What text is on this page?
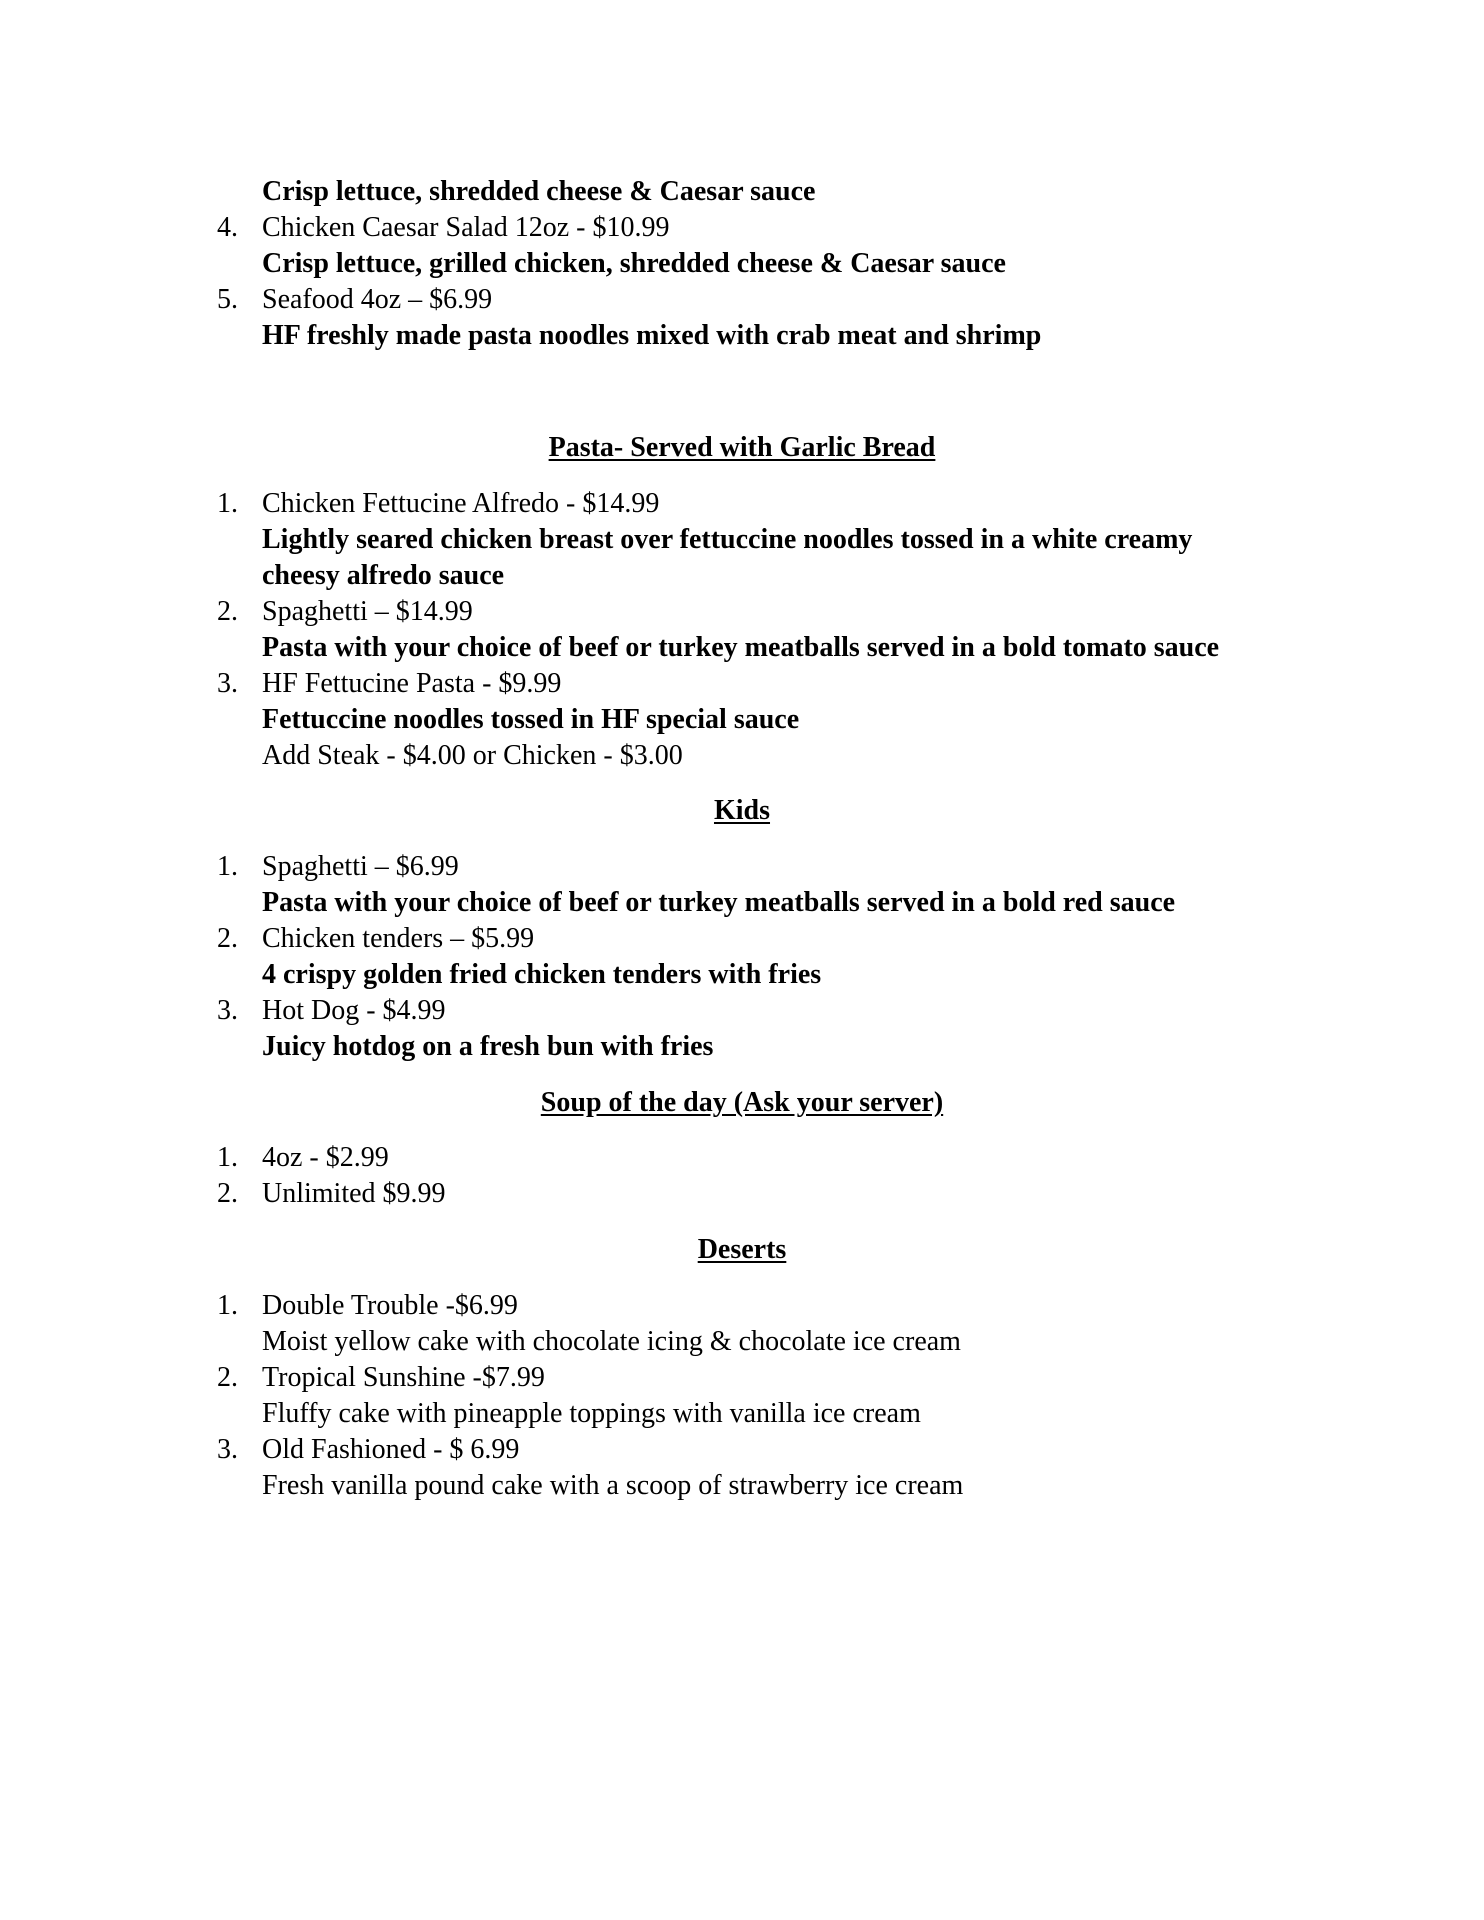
Crisp lettuce, shredded cheese & Caesar sauce
4. Chicken Caesar Salad 12oz - $10.99
Crisp lettuce, grilled chicken, shredded cheese & Caesar sauce
5. Seafood 4oz – $6.99
HF freshly made pasta noodles mixed with crab meat and shrimp
Pasta- Served with Garlic Bread
1. Chicken Fettucine Alfredo - $14.99
Lightly seared chicken breast over fettuccine noodles tossed in a white creamy
cheesy alfredo sauce
2. Spaghetti – $14.99
Pasta with your choice of beef or turkey meatballs served in a bold tomato sauce
3. HF Fettucine Pasta - $9.99
Fettuccine noodles tossed in HF special sauce
Add Steak - $4.00 or Chicken - $3.00
Kids
1. Spaghetti – $6.99
Pasta with your choice of beef or turkey meatballs served in a bold red sauce
2. Chicken tenders – $5.99
4 crispy golden fried chicken tenders with fries
3. Hot Dog - $4.99
Juicy hotdog on a fresh bun with fries
Soup of the day (Ask your server)
1. 4oz - $2.99
2. Unlimited $9.99
Deserts
1. Double Trouble -$6.99
Moist yellow cake with chocolate icing & chocolate ice cream
2. Tropical Sunshine -$7.99
Fluffy cake with pineapple toppings with vanilla ice cream
3. Old Fashioned - $ 6.99
Fresh vanilla pound cake with a scoop of strawberry ice cream
